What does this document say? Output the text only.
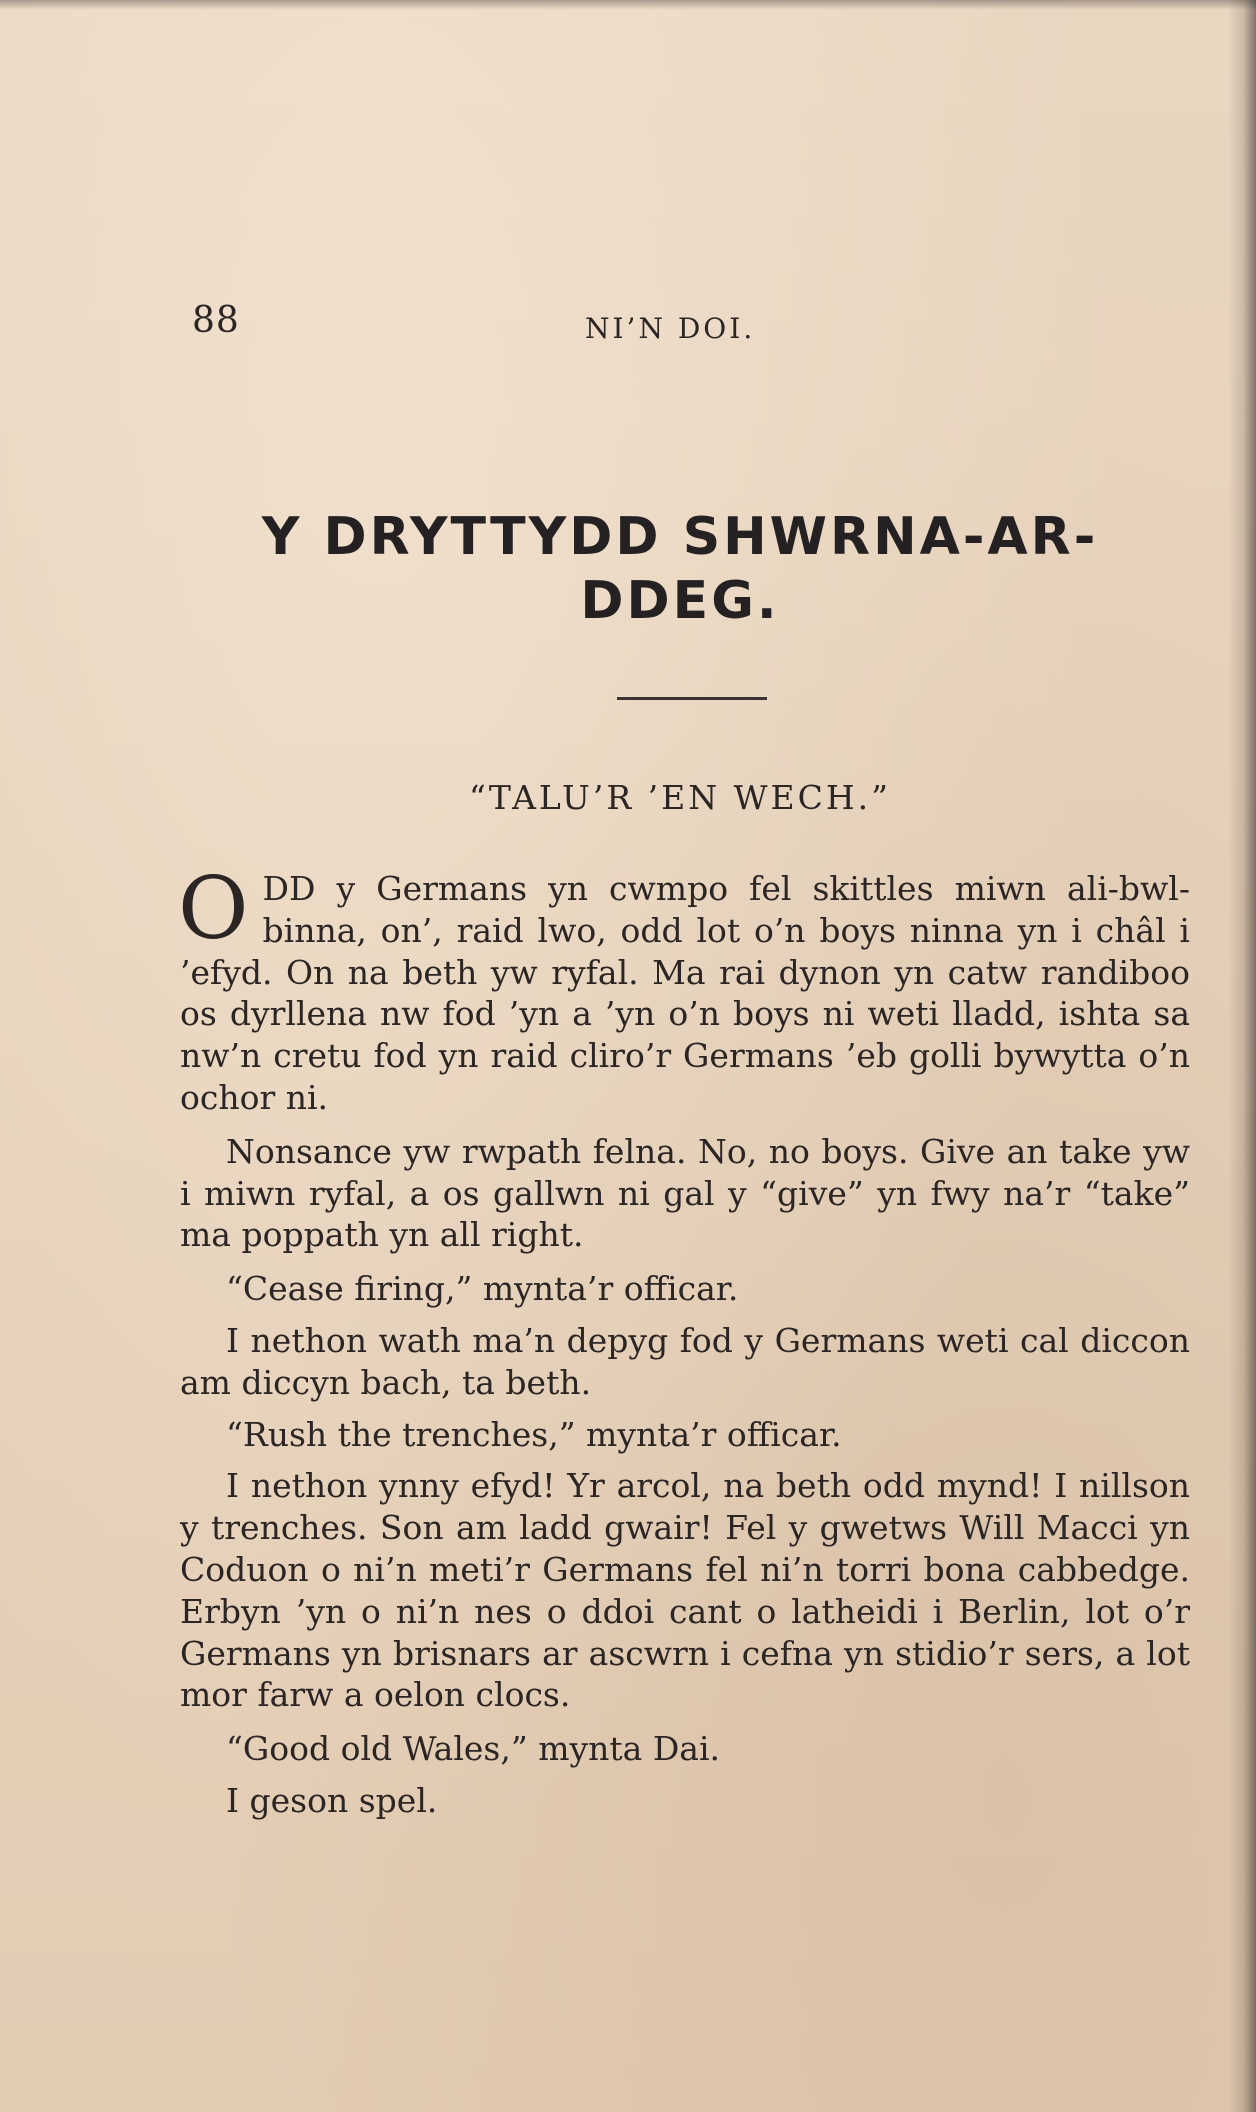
88	NI’N DOI.
Y DRYTTYDD SHWRNA-AR-DDEG.
“TALU’R ’EN WECH.”

ODD y Germans yn cwmpo fel skittles miwn ali-bwl-binna, on’, raid lwo, odd lot o’n boys ninna yn i châl i ’efyd. On na beth yw ryfal. Ma rai dynon yn catw randiboo os dyrllena nw fod ’yn a ’yn o’n boys ni weti lladd, ishta sa nw’n cretu fod yn raid cliro’r Germans ’eb golli bywytta o’n ochor ni.

Nonsance yw rwpath felna. No, no boys. Give an take yw i miwn ryfal, a os gallwn ni gal y “give” yn fwy na’r “take” ma poppath yn all right.

“Cease firing,” mynta’r officar.

I nethon wath ma’n depyg fod y Germans weti cal diccon am diccyn bach, ta beth.

“Rush the trenches,” mynta’r officar.

I nethon ynny efyd! Yr arcol, na beth odd mynd! I nillson y trenches. Son am ladd gwair! Fel y gwetws Will Macci yn Coduon o ni’n meti’r Germans fel ni’n torri bona cabbedge. Erbyn ’yn o ni’n nes o ddoi cant o latheidi i Berlin, lot o’r Germans yn brisnars ar ascwrn i cefna yn stidio’r sers, a lot mor farw a oelon clocs.

“Good old Wales,” mynta Dai.

I geson spel.
